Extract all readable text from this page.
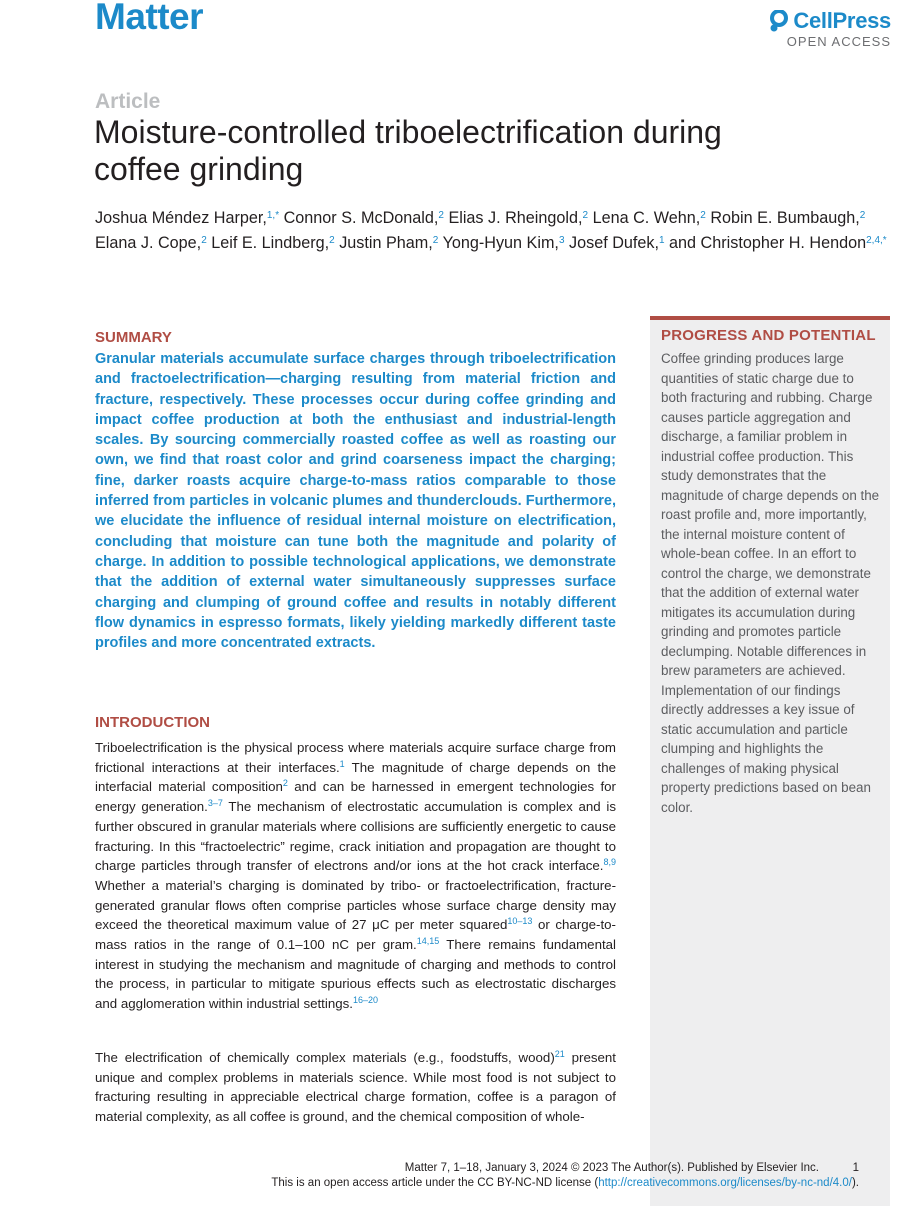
Matter	CellPress
OPEN ACCESS
Article
Moisture-controlled triboelectrification during coffee grinding
Joshua Méndez Harper,$^{1,*}$ Connor S. McDonald,$^2$ Elias J. Rheingold,$^2$ Lena C. Wehn,$^2$ Robin E. Bumbaugh,$^2$ Elana J. Cope,$^2$ Leif E. Lindberg,$^2$ Justin Pham,$^2$ Yong-Hyun Kim,$^3$ Josef Dufek,$^1$ and Christopher H. Hendon$^{2,4,*}$
SUMMARY
Granular materials accumulate surface charges through triboelectrification and fractoelectrification—charging resulting from material friction and fracture, respectively. These processes occur during coffee grinding and impact coffee production at both the enthusiast and industrial-length scales. By sourcing commercially roasted coffee as well as roasting our own, we find that roast color and grind coarseness impact the charging; fine, darker roasts acquire charge-to-mass ratios comparable to those inferred from particles in volcanic plumes and thunderclouds. Furthermore, we elucidate the influence of residual internal moisture on electrification, concluding that moisture can tune both the magnitude and polarity of charge. In addition to possible technological applications, we demonstrate that the addition of external water simultaneously suppresses surface charging and clumping of ground coffee and results in notably different flow dynamics in espresso formats, likely yielding markedly different taste profiles and more concentrated extracts.
INTRODUCTION
Triboelectrification is the physical process where materials acquire surface charge from frictional interactions at their interfaces.$^1$ The magnitude of charge depends on the interfacial material composition$^2$ and can be harnessed in emergent technologies for energy generation.$^{3-7}$ The mechanism of electrostatic accumulation is complex and is further obscured in granular materials where collisions are sufficiently energetic to cause fracturing. In this “fractoelectric” regime, crack initiation and propagation are thought to charge particles through transfer of electrons and/or ions at the hot crack interface.$^{8,9}$ Whether a material’s charging is dominated by tribo- or fractoelectrification, fracture-generated granular flows often comprise particles whose surface charge density may exceed the theoretical maximum value of 27 μC per meter squared$^{10-13}$ or charge-to-mass ratios in the range of 0.1–100 nC per gram.$^{14,15}$ There remains fundamental interest in studying the mechanism and magnitude of charging and methods to control the process, in particular to mitigate spurious effects such as electrostatic discharges and agglomeration within industrial settings.$^{16-20}$
The electrification of chemically complex materials (e.g., foodstuffs, wood)$^{21}$ present unique and complex problems in materials science. While most food is not subject to fracturing resulting in appreciable electrical charge formation, coffee is a paragon of material complexity, as all coffee is ground, and the chemical composition of whole-
PROGRESS AND POTENTIAL
Coffee grinding produces large quantities of static charge due to both fracturing and rubbing. Charge causes particle aggregation and discharge, a familiar problem in industrial coffee production. This study demonstrates that the magnitude of charge depends on the roast profile and, more importantly, the internal moisture content of whole-bean coffee. In an effort to control the charge, we demonstrate that the addition of external water mitigates its accumulation during grinding and promotes particle declumping. Notable differences in brew parameters are achieved. Implementation of our findings directly addresses a key issue of static accumulation and particle clumping and highlights the challenges of making physical property predictions based on bean color.
Matter 7, 1–18, January 3, 2024 © 2023 The Author(s). Published by Elsevier Inc.	1
This is an open access article under the CC BY-NC-ND license (http://creativecommons.org/licenses/by-nc-nd/4.0/).
